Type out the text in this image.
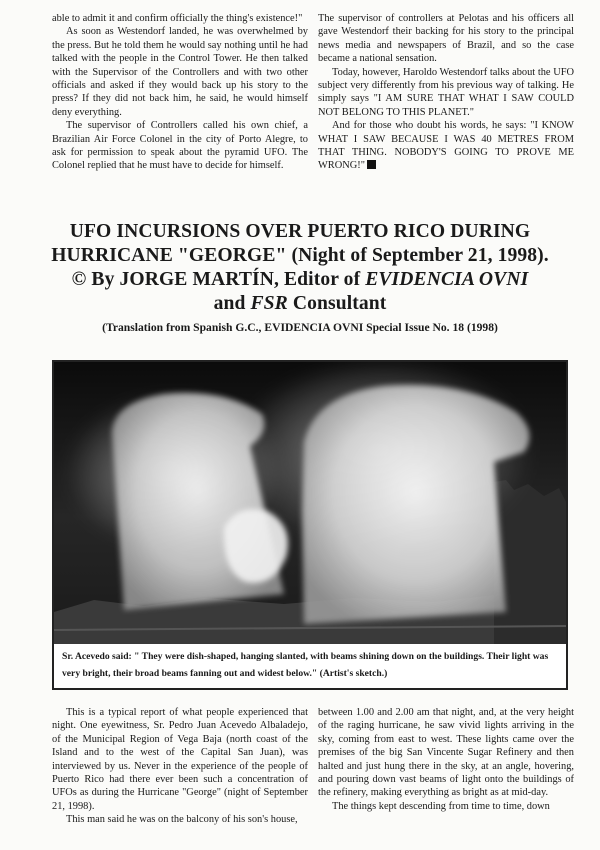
able to admit it and confirm officially the thing's existence!"

As soon as Westendorf landed, he was overwhelmed by the press. But he told them he would say nothing until he had talked with the people in the Control Tower. He then talked with the Supervisor of the Controllers and with two other officials and asked if they would back up his story to the press? If they did not back him, he said, he would himself deny everything.

The supervisor of Controllers called his own chief, a Brazilian Air Force Colonel in the city of Porto Alegre, to ask for permission to speak about the pyramid UFO. The Colonel replied that he must have to decide for himself.

The supervisor of controllers at Pelotas and his officers all gave Westendorf their backing for his story to the principal news media and newspapers of Brazil, and so the case became a national sensation.

Today, however, Haroldo Westendorf talks about the UFO subject very differently from his previous way of talking. He simply says "I AM SURE THAT WHAT I SAW COULD NOT BELONG TO THIS PLANET."

And for those who doubt his words, he says: "I KNOW WHAT I SAW BECAUSE I WAS 40 METRES FROM THAT THING. NOBODY'S GOING TO PROVE ME WRONG!"

UFO INCURSIONS OVER PUERTO RICO DURING
HURRICANE "GEORGE" (Night of September 21, 1998).
© By JORGE MARTÍN, Editor of EVIDENCIA OVNI
and FSR Consultant
(Translation from Spanish G.C., EVIDENCIA OVNI Special Issue No. 18 (1998)
Sr. Acevedo said: " They were dish-shaped, hanging slanted, with beams shining down on the buildings. Their light was very bright, their broad beams fanning out and widest below." (Artist's sketch.)

This is a typical report of what people experienced that night. One eyewitness, Sr. Pedro Juan Acevedo Albaladejo, of the Municipal Region of Vega Baja (north coast of the Island and to the west of the Capital San Juan), was interviewed by us. Never in the experience of the people of Puerto Rico had there ever been such a concentration of UFOs as during the Hurricane "George" (night of September 21, 1998).

This man said he was on the balcony of his son's house,

between 1.00 and 2.00 am that night, and, at the very height of the raging hurricane, he saw vivid lights arriving in the sky, coming from east to west. These lights came over the premises of the big San Vincente Sugar Refinery and then halted and just hung there in the sky, at an angle, hovering, and pouring down vast beams of light onto the buildings of the refinery, making everything as bright as at mid-day.

The things kept descending from time to time, down
